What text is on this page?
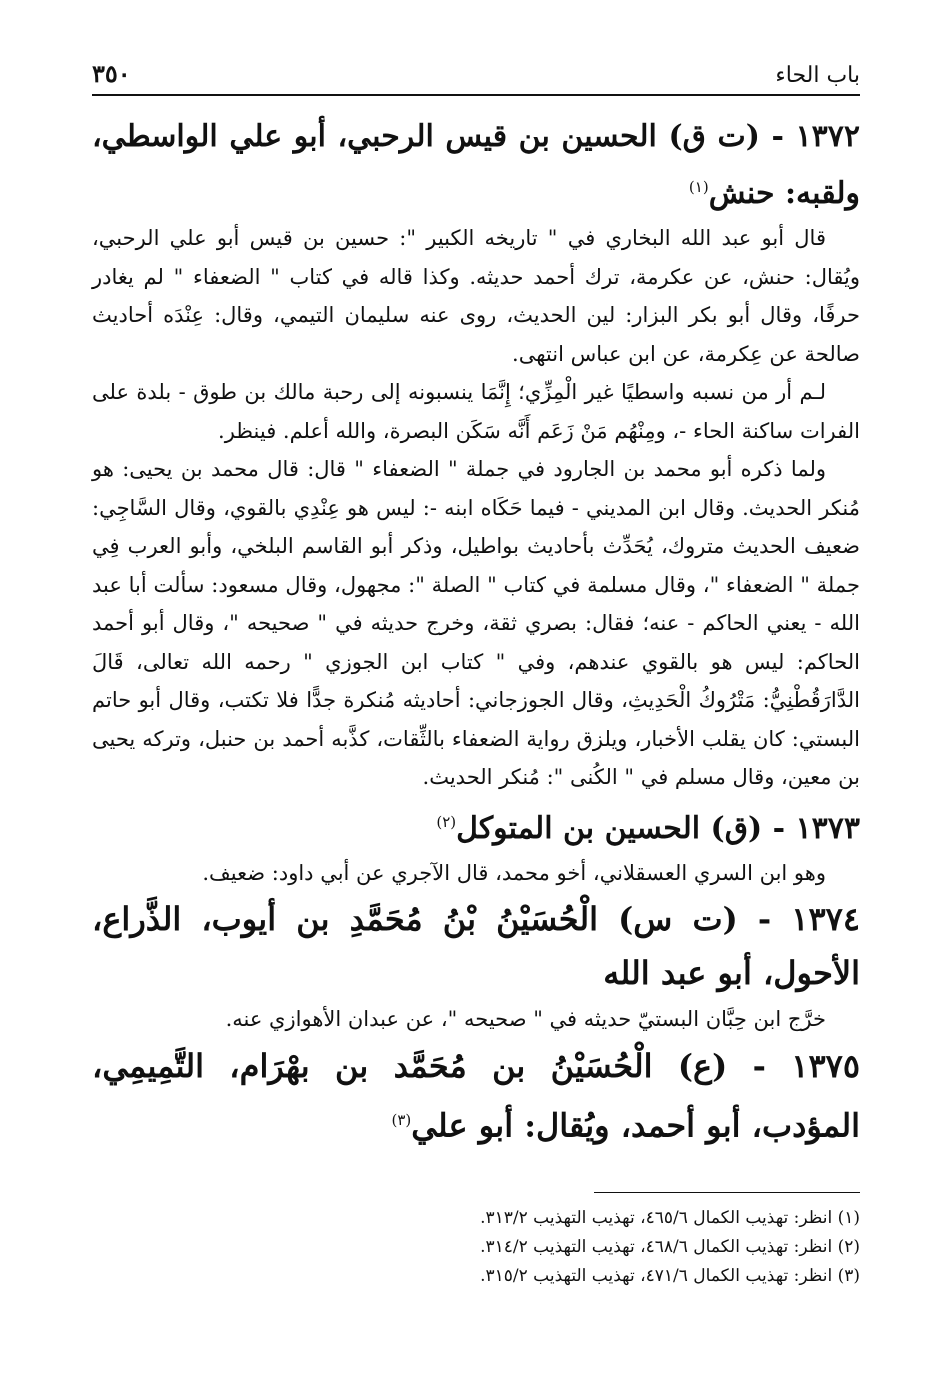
باب الحاء
٣٥٠
١٣٧٢ - (ت ق) الحسين بن قيس الرحبي، أبو علي الواسطي، ولقبه: حنش$^{(١)}$

قال أبو عبد الله البخاري في " تاريخه الكبير ": حسين بن قيس أبو علي الرحبي، ويُقال: حنش، عن عكرمة، ترك أحمد حديثه. وكذا قاله في كتاب " الضعفاء " لم يغادر حرفًا، وقال أبو بكر البزار: لين الحديث، روى عنه سليمان التيمي، وقال: عِنْدَه أحاديث صالحة عن عِكرمة، عن ابن عباس انتهى.

لـم أر من نسبه واسطيًا غير الْمِزِّي؛ إِنَّمَا ينسبونه إلى رحبة مالك بن طوق - بلدة على الفرات ساكنة الحاء -، ومِنْهُم مَنْ زَعَم أَنَّه سَكَن البصرة، والله أعلم. فينظر.

ولما ذكره أبو محمد بن الجارود في جملة " الضعفاء " قال: قال محمد بن يحيى: هو مُنكر الحديث. وقال ابن المديني - فيما حَكَاه ابنه -: ليس هو عِنْدِي بالقوي، وقال السَّاجِي: ضعيف الحديث متروك، يُحَدِّث بأحاديث بواطيل، وذكر أبو القاسم البلخي، وأبو العرب فِي جملة " الضعفاء "، وقال مسلمة في كتاب " الصلة ": مجهول، وقال مسعود: سألت أبا عبد الله - يعني الحاكم - عنه؛ فقال: بصري ثقة، وخرج حديثه في " صحيحه "، وقال أبو أحمد الحاكم: ليس هو بالقوي عندهم، وفي " كتاب ابن الجوزي " رحمه الله تعالى، قَالَ الدَّارَقُطْنِيُّ: مَتْرُوكُ الْحَدِيثِ، وقال الجوزجاني: أحاديثه مُنكرة جدًّا فلا تكتب، وقال أبو حاتم البستي: كان يقلب الأخبار، ويلزق رواية الضعفاء بالثِّقات، كذَّبه أحمد بن حنبل، وتركه يحيى بن معين، وقال مسلم في " الكُنى ": مُنكر الحديث.

١٣٧٣ - (ق) الحسين بن المتوكل$^{(٢)}$

وهو ابن السري العسقلاني، أخو محمد، قال الآجري عن أبي داود: ضعيف.

١٣٧٤ - (ت س) الْحُسَيْنُ بْنُ مُحَمَّدِ بن أيوب، الذَّراع، الأحول، أبو عبد الله

خرَّج ابن حِبَّان البستيّ حديثه في " صحيحه "، عن عبدان الأهوازي عنه.

١٣٧٥ - (ع) الْحُسَيْنُ بن مُحَمَّد بن بهْرَام، التَّمِيمِي، المؤدب، أبو أحمد، ويُقال: أبو علي$^{(٣)}$

(١) انظر: تهذيب الكمال ٤٦٥/٦، تهذيب التهذيب ٣١٣/٢.

(٢) انظر: تهذيب الكمال ٤٦٨/٦، تهذيب التهذيب ٣١٤/٢.

(٣) انظر: تهذيب الكمال ٤٧١/٦، تهذيب التهذيب ٣١٥/٢.
